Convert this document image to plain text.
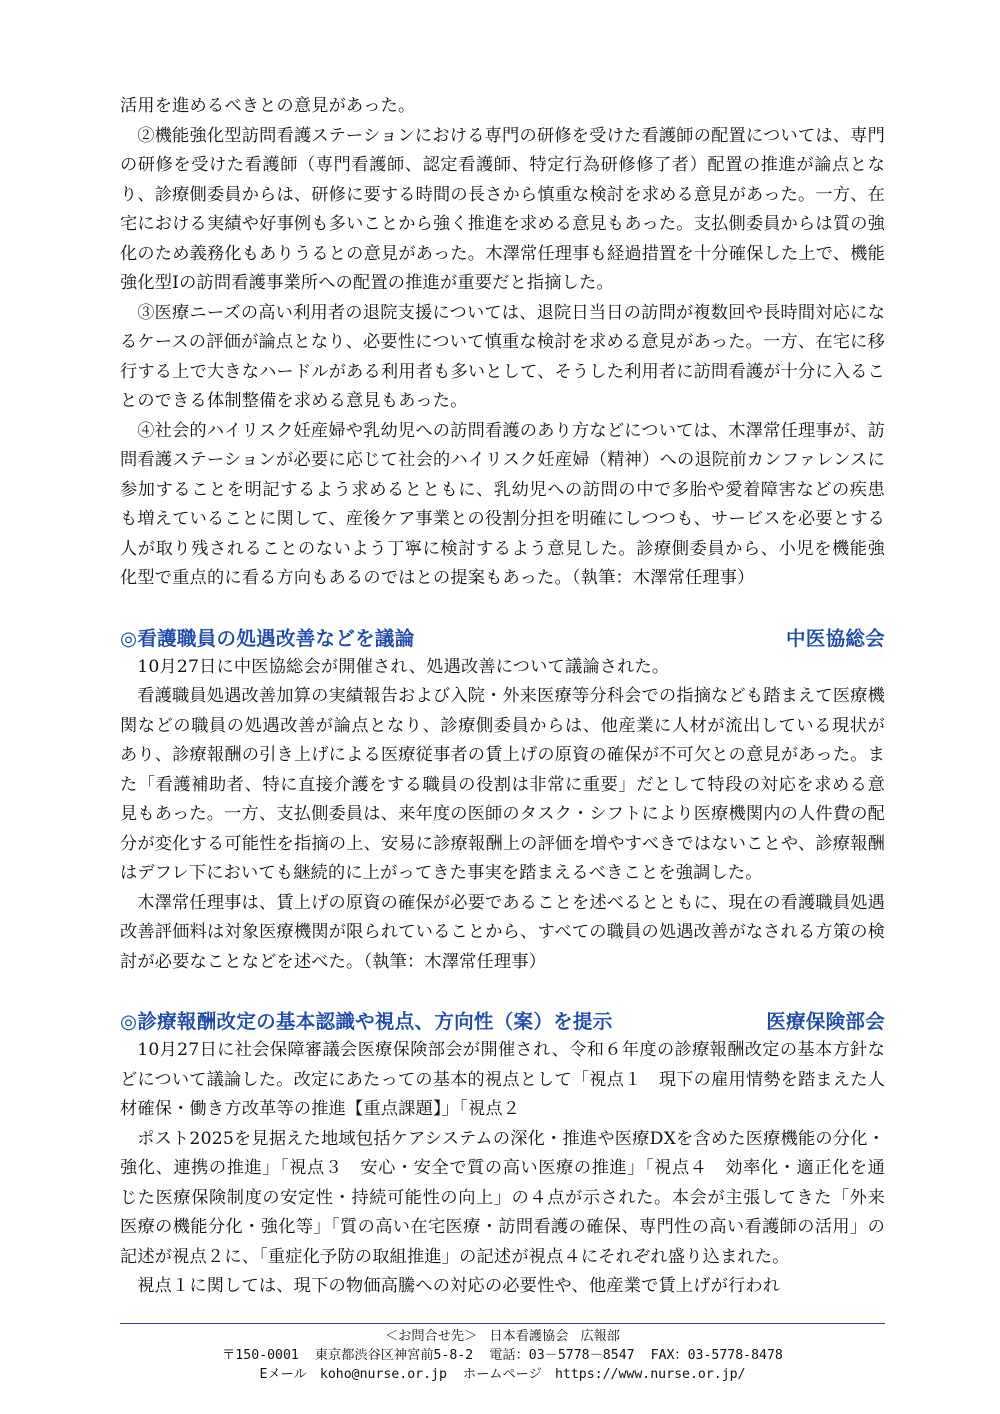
活用を進めるべきとの意見があった。

②機能強化型訪問看護ステーションにおける専門の研修を受けた看護師の配置については、専門の研修を受けた看護師（専門看護師、認定看護師、特定行為研修修了者）配置の推進が論点となり、診療側委員からは、研修に要する時間の長さから慎重な検討を求める意見があった。一方、在宅における実績や好事例も多いことから強く推進を求める意見もあった。支払側委員からは質の強化のため義務化もありうるとの意見があった。木澤常任理事も経過措置を十分確保した上で、機能強化型Ⅰの訪問看護事業所への配置の推進が重要だと指摘した。

③医療ニーズの高い利用者の退院支援については、退院日当日の訪問が複数回や長時間対応になるケースの評価が論点となり、必要性について慎重な検討を求める意見があった。一方、在宅に移行する上で大きなハードルがある利用者も多いとして、そうした利用者に訪問看護が十分に入ることのできる体制整備を求める意見もあった。

④社会的ハイリスク妊産婦や乳幼児への訪問看護のあり方などについては、木澤常任理事が、訪問看護ステーションが必要に応じて社会的ハイリスク妊産婦（精神）への退院前カンファレンスに参加することを明記するよう求めるとともに、乳幼児への訪問の中で多胎や愛着障害などの疾患も増えていることに関して、産後ケア事業との役割分担を明確にしつつも、サービスを必要とする人が取り残されることのないよう丁寧に検討するよう意見した。診療側委員から、小児を機能強化型で重点的に看る方向もあるのではとの提案もあった。（執筆：木澤常任理事）

◎看護職員の処遇改善などを議論	中医協総会

10月27日に中医協総会が開催され、処遇改善について議論された。

看護職員処遇改善加算の実績報告および入院・外来医療等分科会での指摘なども踏まえて医療機関などの職員の処遇改善が論点となり、診療側委員からは、他産業に人材が流出している現状があり、診療報酬の引き上げによる医療従事者の賃上げの原資の確保が不可欠との意見があった。また「看護補助者、特に直接介護をする職員の役割は非常に重要」だとして特段の対応を求める意見もあった。一方、支払側委員は、来年度の医師のタスク・シフトにより医療機関内の人件費の配分が変化する可能性を指摘の上、安易に診療報酬上の評価を増やすべきではないことや、診療報酬はデフレ下においても継続的に上がってきた事実を踏まえるべきことを強調した。

木澤常任理事は、賃上げの原資の確保が必要であることを述べるとともに、現在の看護職員処遇改善評価料は対象医療機関が限られていることから、すべての職員の処遇改善がなされる方策の検討が必要なことなどを述べた。（執筆：木澤常任理事）

◎診療報酬改定の基本認識や視点、方向性（案）を提示	医療保険部会

10月27日に社会保障審議会医療保険部会が開催され、令和６年度の診療報酬改定の基本方針などについて議論した。改定にあたっての基本的視点として「視点１　現下の雇用情勢を踏まえた人材確保・働き方改革等の推進【重点課題】」「視点２

ポスト2025を見据えた地域包括ケアシステムの深化・推進や医療DXを含めた医療機能の分化・強化、連携の推進」「視点３　安心・安全で質の高い医療の推進」「視点４　効率化・適正化を通じた医療保険制度の安定性・持続可能性の向上」の４点が示された。本会が主張してきた「外来医療の機能分化・強化等」「質の高い在宅医療・訪問看護の確保、専門性の高い看護師の活用」の記述が視点２に、「重症化予防の取組推進」の記述が視点４にそれぞれ盛り込まれた。

視点１に関しては、現下の物価高騰への対応の必要性や、他産業で賃上げが行われ

＜お問合せ先＞ 日本看護協会 広報部
〒150-0001 東京都渋谷区神宮前5-8-2 電話：03－5778－8547 FAX：03-5778-8478
Eメール　koho@nurse.or.jp ホームページ　https://www.nurse.or.jp/
